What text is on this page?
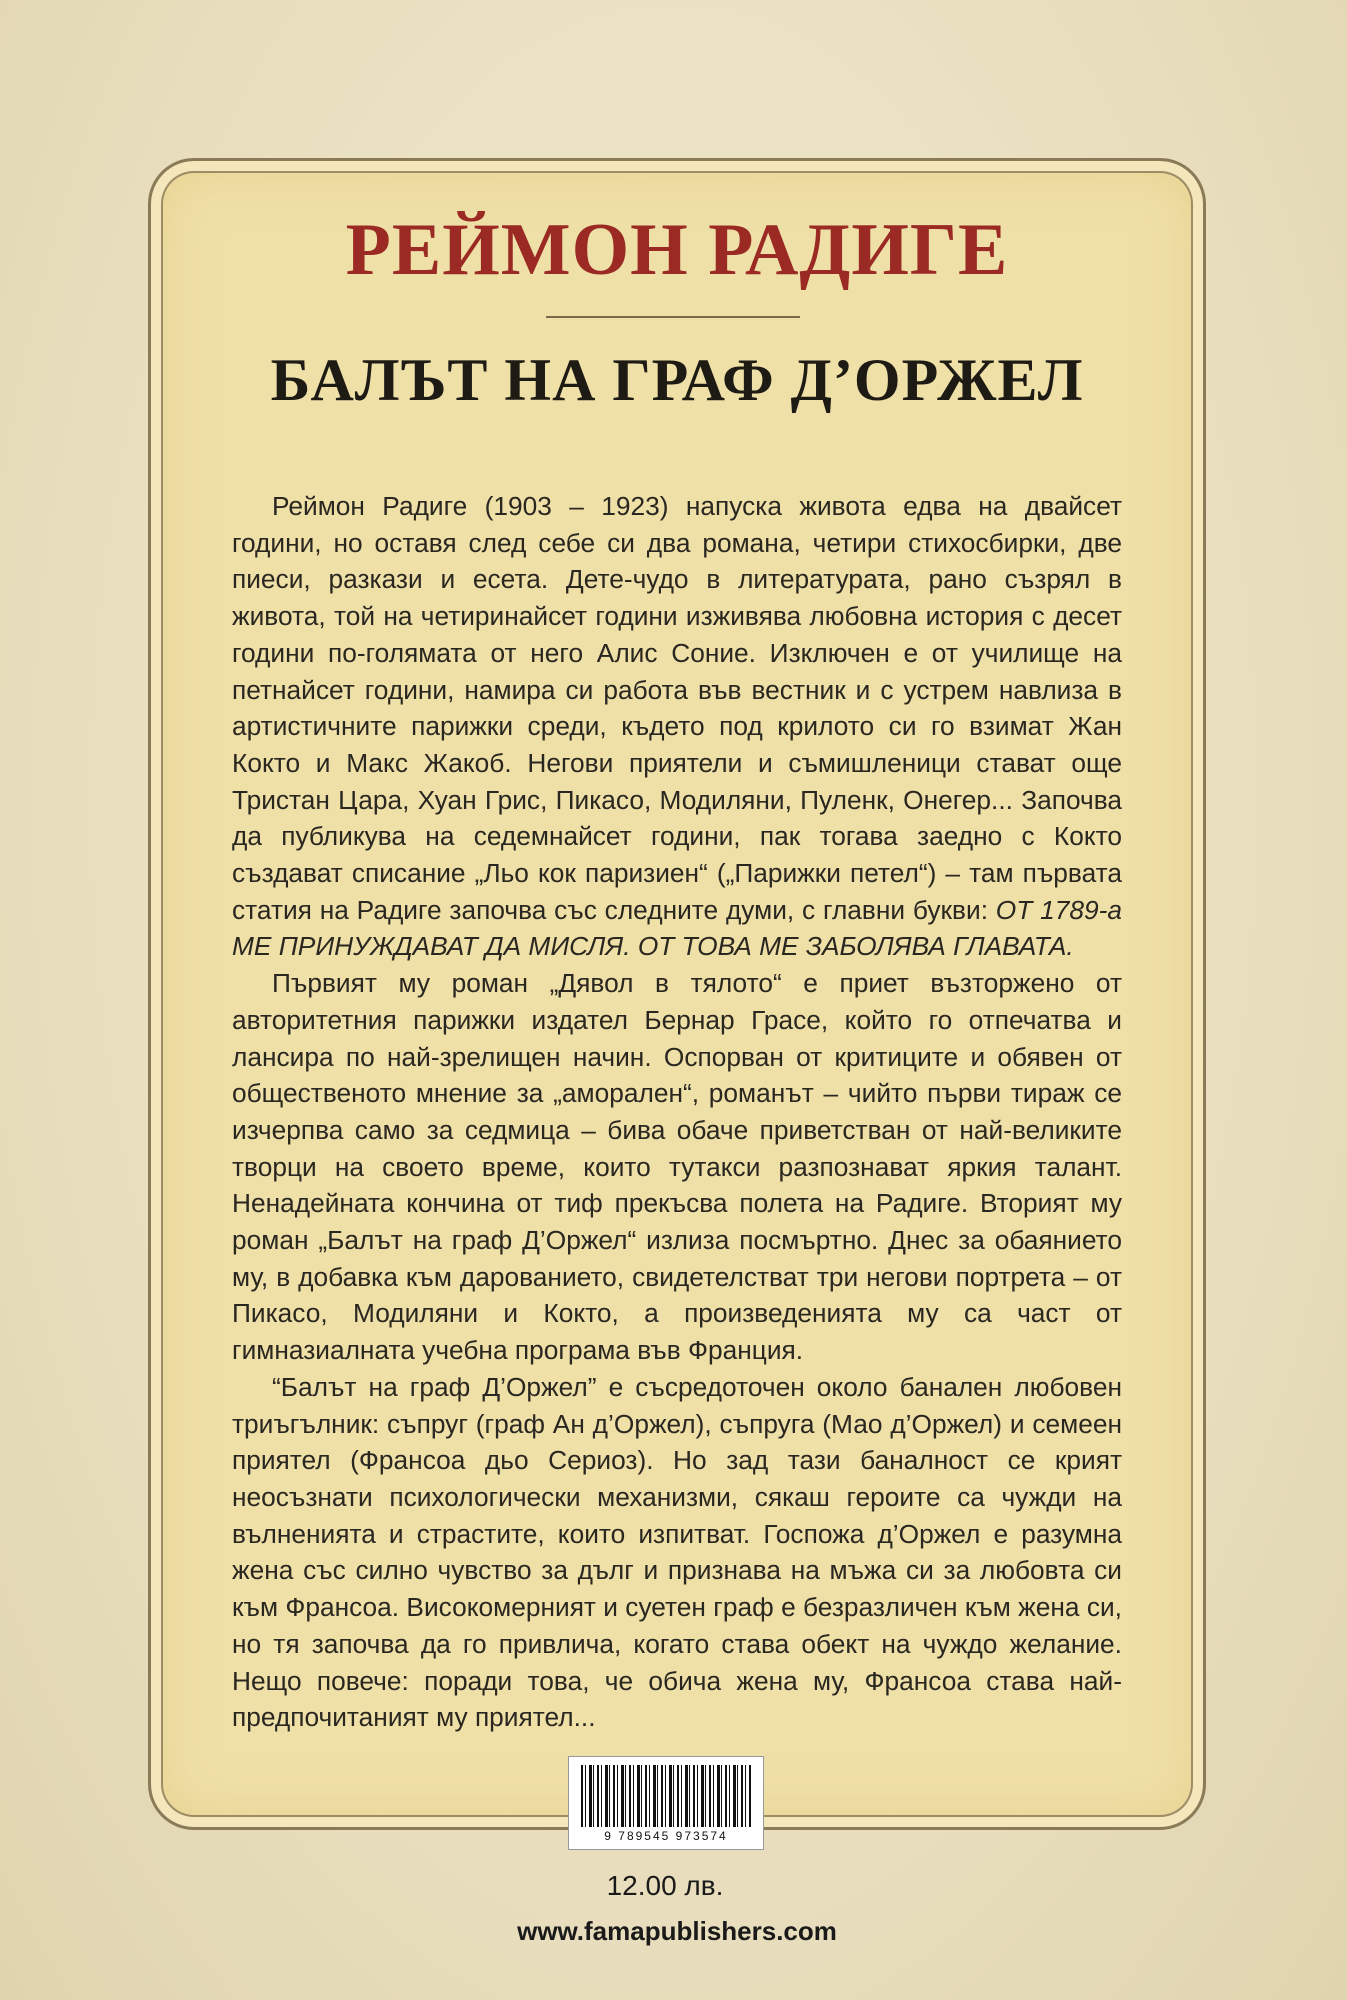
РЕЙМОН РАДИГЕ
БАЛЪТ НА ГРАФ Д’ОРЖЕЛ

Реймон Радиге (1903 – 1923) напуска живота едва на двайсет години, но оставя след себе си два романа, четири стихосбирки, две пиеси, разкази и есета. Дете-чудо в литературата, рано съзрял в живота, той на четиринайсет години изживява любовна история с десет години по-голямата от него Алис Соние. Изключен е от училище на петнайсет години, намира си работа във вестник и с устрем навлиза в артистичните парижки среди, където под крилото си го взимат Жан Кокто и Макс Жакоб. Негови приятели и съмишленици стават още Тристан Цара, Хуан Грис, Пикасо, Модиляни, Пуленк, Онегер... Започва да публикува на седемнайсет години, пак тогава заедно с Кокто създават списание „Льо кок паризиен“ („Парижки петел“) – там първата статия на Радиге започва със следните думи, с главни букви: ОТ 1789-а МЕ ПРИНУЖДАВАТ ДА МИСЛЯ. ОТ ТОВА МЕ ЗАБОЛЯВА ГЛАВАТА.

Първият му роман „Дявол в тялото“ е приет възторжено от авторитетния парижки издател Бернар Грасе, който го отпечатва и лансира по най-зрелищен начин. Оспорван от критиците и обявен от общественото мнение за „аморален“, романът – чийто първи тираж се изчерпва само за седмица – бива обаче приветстван от най-великите творци на своето време, които тутакси разпознават яркия талант. Ненадейната кончина от тиф прекъсва полета на Радиге. Вторият му роман „Балът на граф Д’Оржел“ излиза посмъртно. Днес за обаянието му, в добавка към дарованието, свидетелстват три негови портрета – от Пикасо, Модиляни и Кокто, а произведенията му са част от гимназиалната учебна програма във Франция.

“Балът на граф Д’Оржел” е съсредоточен около банален любовен триъгълник: съпруг (граф Ан д’Оржел), съпруга (Мао д’Оржел) и семеен приятел (Франсоа дьо Сериоз). Но зад тази баналност се крият неосъзнати психологически механизми, сякаш героите са чужди на вълненията и страстите, които изпитват. Госпожа д’Оржел е разумна жена със силно чувство за дълг и признава на мъжа си за любовта си към Франсоа. Високомерният и суетен граф е безразличен към жена си, но тя започва да го привлича, когато става обект на чуждо желание. Нещо повече: поради това, че обича жена му, Франсоа става най-предпочитаният му приятел...

9 789545 973574
12.00 лв.
www.famapublishers.com
